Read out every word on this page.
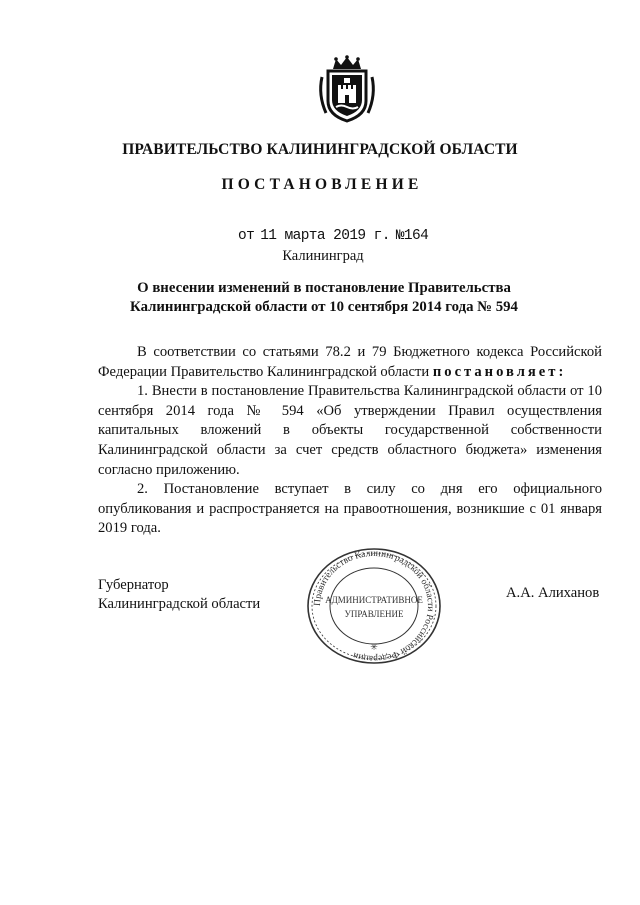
ПРАВИТЕЛЬСТВО КАЛИНИНГРАДСКОЙ ОБЛАСТИ
ПОСТАНОВЛЕНИЕ
от 11 марта 2019 г. №164
Калининград
О внесении изменений в постановление Правительства
Калининградской области от 10 сентября 2014 года № 594

В соответствии со статьями 78.2 и 79 Бюджетного кодекса Российской

Федерации Правительство Калининградской области постановляет:

1. Внести в постановление Правительства Калининградской области от 10 сентября 2014 года № 594 «Об утверждении Правил осуществления капитальных вложений в объекты государственной собственности Калининградской области за счет средств областного бюджета» изменения согласно приложению.

2. Постановление вступает в силу со дня его официального опубликования и распространяется на правоотношения, возникшие с 01 января 2019 года.

Губернатор
Калининградской области	Правительство Калининградской области Российской Федерации
АДМИНИСТРАТИВНОЕ
УПРАВЛЕНИЕ
✳
А.А. Алиханов
